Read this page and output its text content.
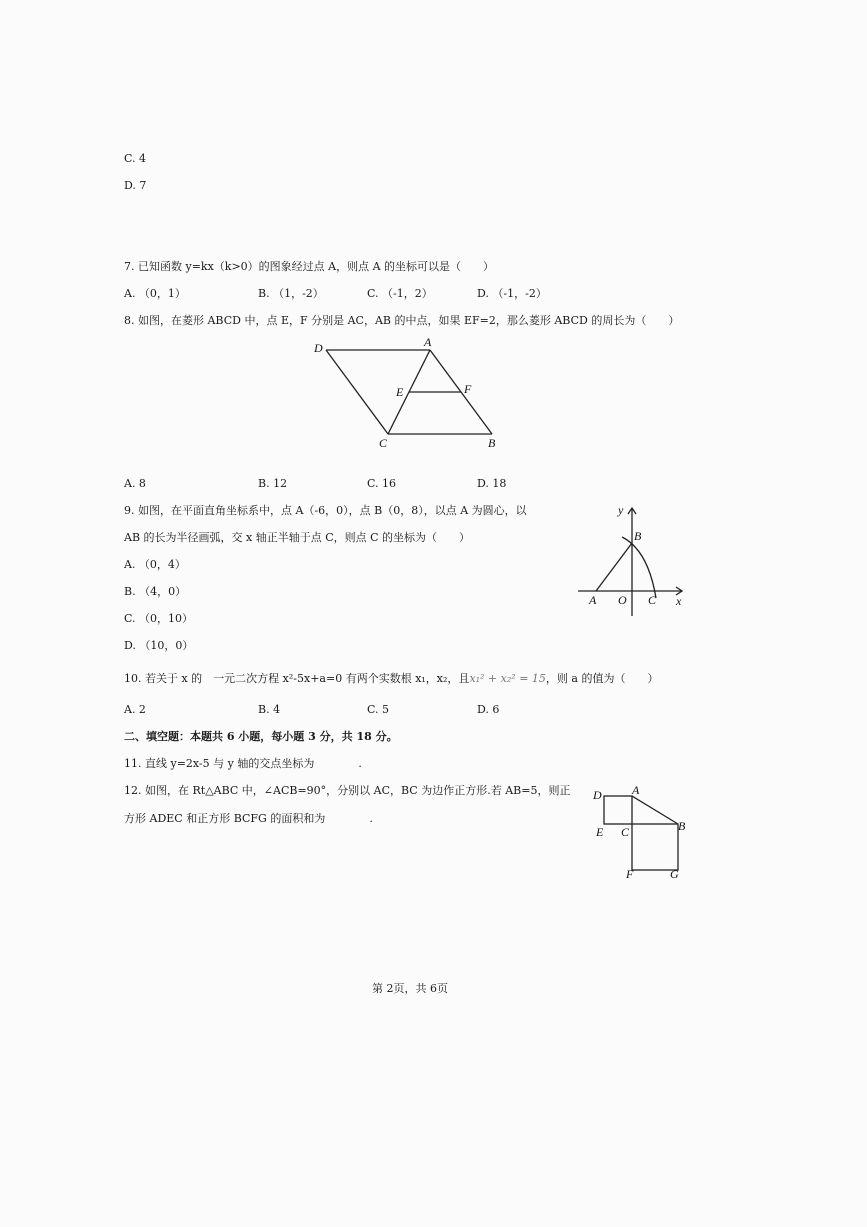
C. 4
D. 7
7. 已知函数 y=kx（k>0）的图象经过点 A，则点 A 的坐标可以是（　　）
A. （0，1）	B. （1，-2）	C. （-1，2）	D. （-1，-2）
8. 如图，在菱形 ABCD 中，点 E，F 分别是 AC，AB 的中点，如果 EF=2，那么菱形 ABCD 的周长为（　　）
D	A
E	F
C	B
A. 8	B. 12	C. 16	D. 18
9. 如图，在平面直角坐标系中，点 A（-6，0），点 B（0，8），以点 A 为圆心，以
AB 的长为半径画弧，交 x 轴正半轴于点 C，则点 C 的坐标为（　　）
A. （0，4）
B. （4，0）
C. （0，10）
D. （10，0）
y
B
A O C x
10. 若关于 x 的　一元二次方程 x²-5x+a=0 有两个实数根 x₁，x₂，且x₁² + x₂² = 15，则 a 的值为（　　）
A. 2	B. 4	C. 5	D. 6
二、填空题：本题共 6 小题，每小题 3 分，共 18 分。
11. 直线 y=2x-5 与 y 轴的交点坐标为　　　　.
12. 如图，在 Rt△ABC 中，∠ACB=90°，分别以 AC，BC 为边作正方形.若 AB=5，则正
方形 ADEC 和正方形 BCFG 的面积和为　　　　.
D	A
E C	B
F	G
第 2页，共 6页
